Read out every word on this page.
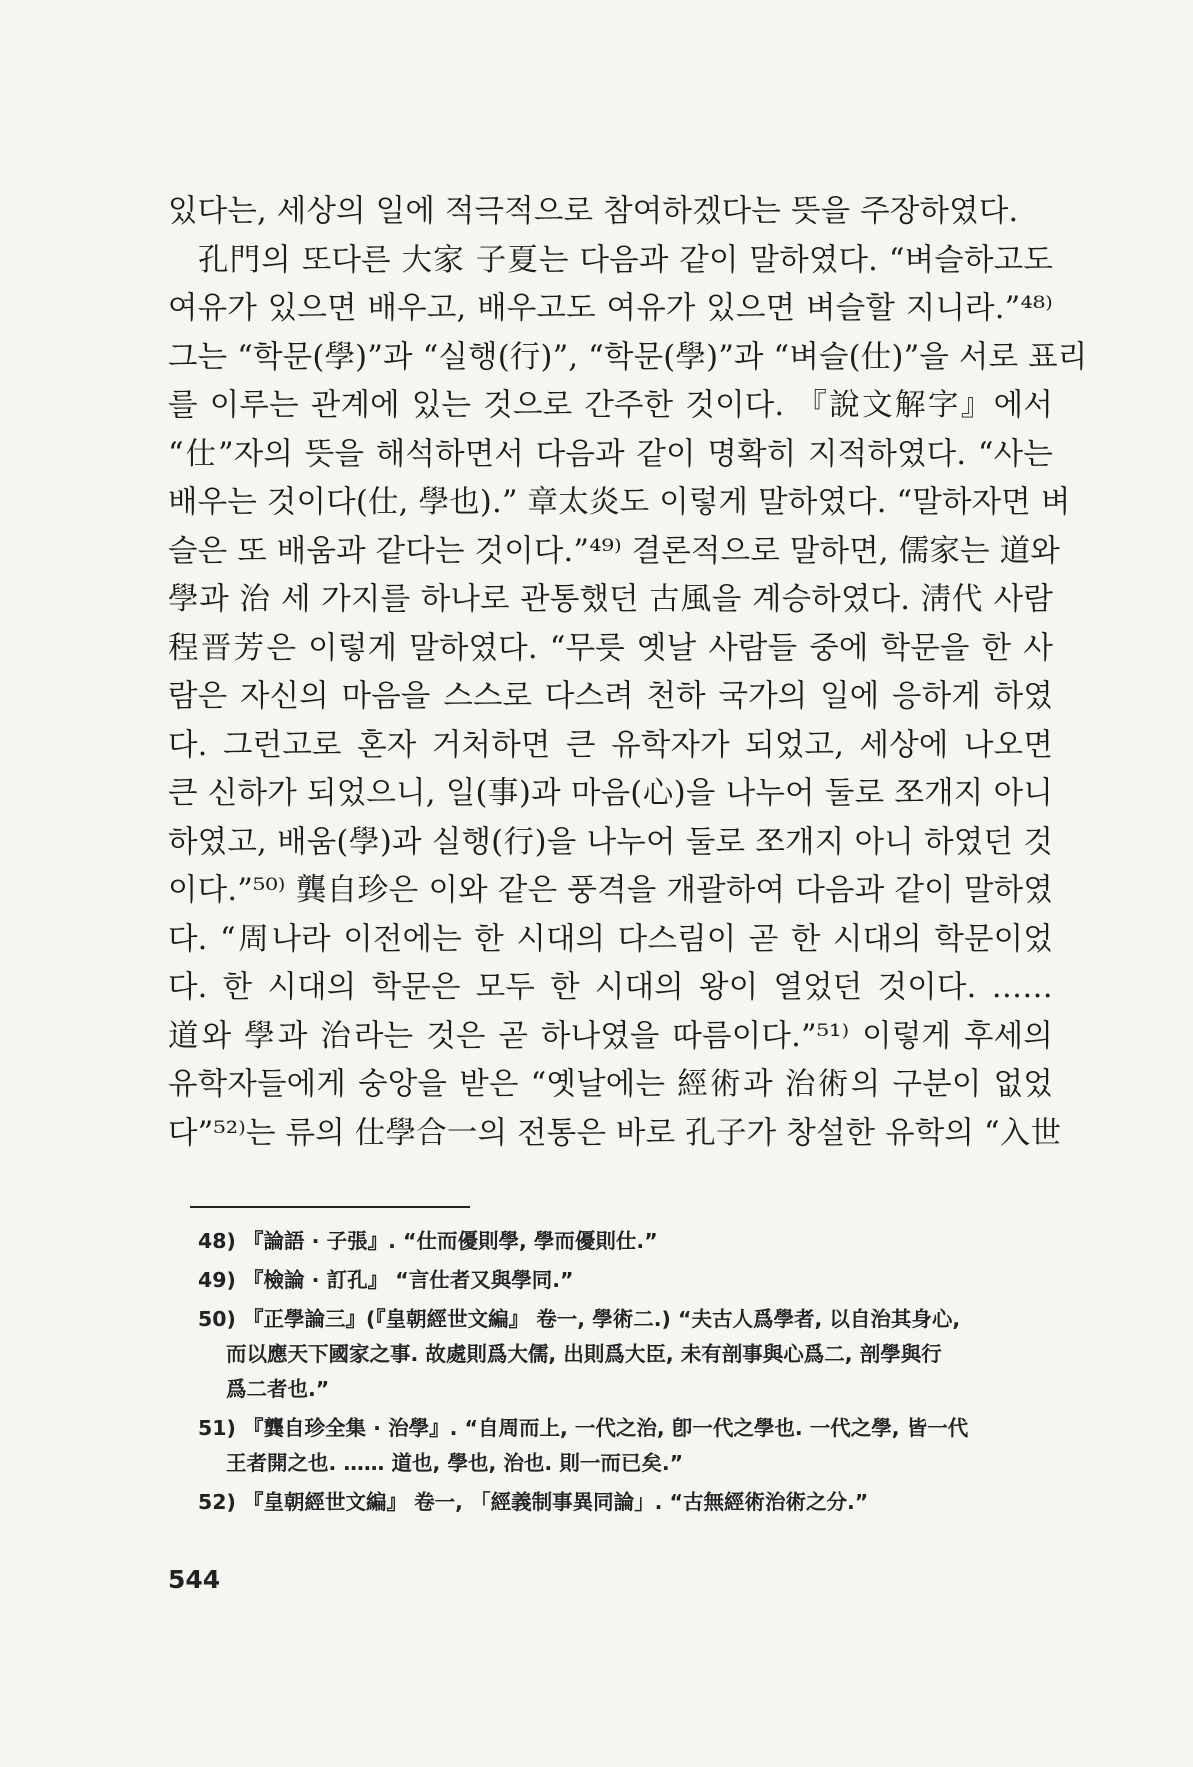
있다는, 세상의 일에 적극적으로 참여하겠다는 뜻을 주장하였다.
孔門의 또다른 大家 子夏는 다음과 같이 말하였다. “벼슬하고도
여유가 있으면 배우고, 배우고도 여유가 있으면 벼슬할 지니라.”⁴⁸⁾
그는 “학문(學)”과 “실행(行)”, “학문(學)”과 “벼슬(仕)”을 서로 표리
를 이루는 관계에 있는 것으로 간주한 것이다. 『說文解字』에서
“仕”자의 뜻을 해석하면서 다음과 같이 명확히 지적하였다. “사는
배우는 것이다(仕, 學也).” 章太炎도 이렇게 말하였다. “말하자면 벼
슬은 또 배움과 같다는 것이다.”⁴⁹⁾ 결론적으로 말하면, 儒家는 道와
學과 治 세 가지를 하나로 관통했던 古風을 계승하였다. 淸代 사람
程晋芳은 이렇게 말하였다. “무릇 옛날 사람들 중에 학문을 한 사
람은 자신의 마음을 스스로 다스려 천하 국가의 일에 응하게 하였
다. 그런고로 혼자 거처하면 큰 유학자가 되었고, 세상에 나오면
큰 신하가 되었으니, 일(事)과 마음(心)을 나누어 둘로 쪼개지 아니
하였고, 배움(學)과 실행(行)을 나누어 둘로 쪼개지 아니 하였던 것
이다.”⁵⁰⁾ 龔自珍은 이와 같은 풍격을 개괄하여 다음과 같이 말하였
다. “周나라 이전에는 한 시대의 다스림이 곧 한 시대의 학문이었
다. 한 시대의 학문은 모두 한 시대의 왕이 열었던 것이다. ……
道와 學과 治라는 것은 곧 하나였을 따름이다.”⁵¹⁾ 이렇게 후세의
유학자들에게 숭앙을 받은 “옛날에는 經術과 治術의 구분이 없었
다”⁵²⁾는 류의 仕學合一의 전통은 바로 孔子가 창설한 유학의 “入世
48) 『論語 · 子張』. “仕而優則學, 學而優則仕.”
49) 『檢論 · 訂孔』 “言仕者又與學同.”
50) 『正學論三』(『皇朝經世文編』 卷一, 學術二.) “夫古人爲學者, 以自治其身心,
而以應天下國家之事. 故處則爲大儒, 出則爲大臣, 未有剖事與心爲二, 剖學與行
爲二者也.”
51) 『龔自珍全集 · 治學』. “自周而上, 一代之治, 卽一代之學也. 一代之學, 皆一代
王者開之也. …… 道也, 學也, 治也. 則一而已矣.”
52) 『皇朝經世文編』 卷一, 「經義制事異同論」. “古無經術治術之分.”
544
